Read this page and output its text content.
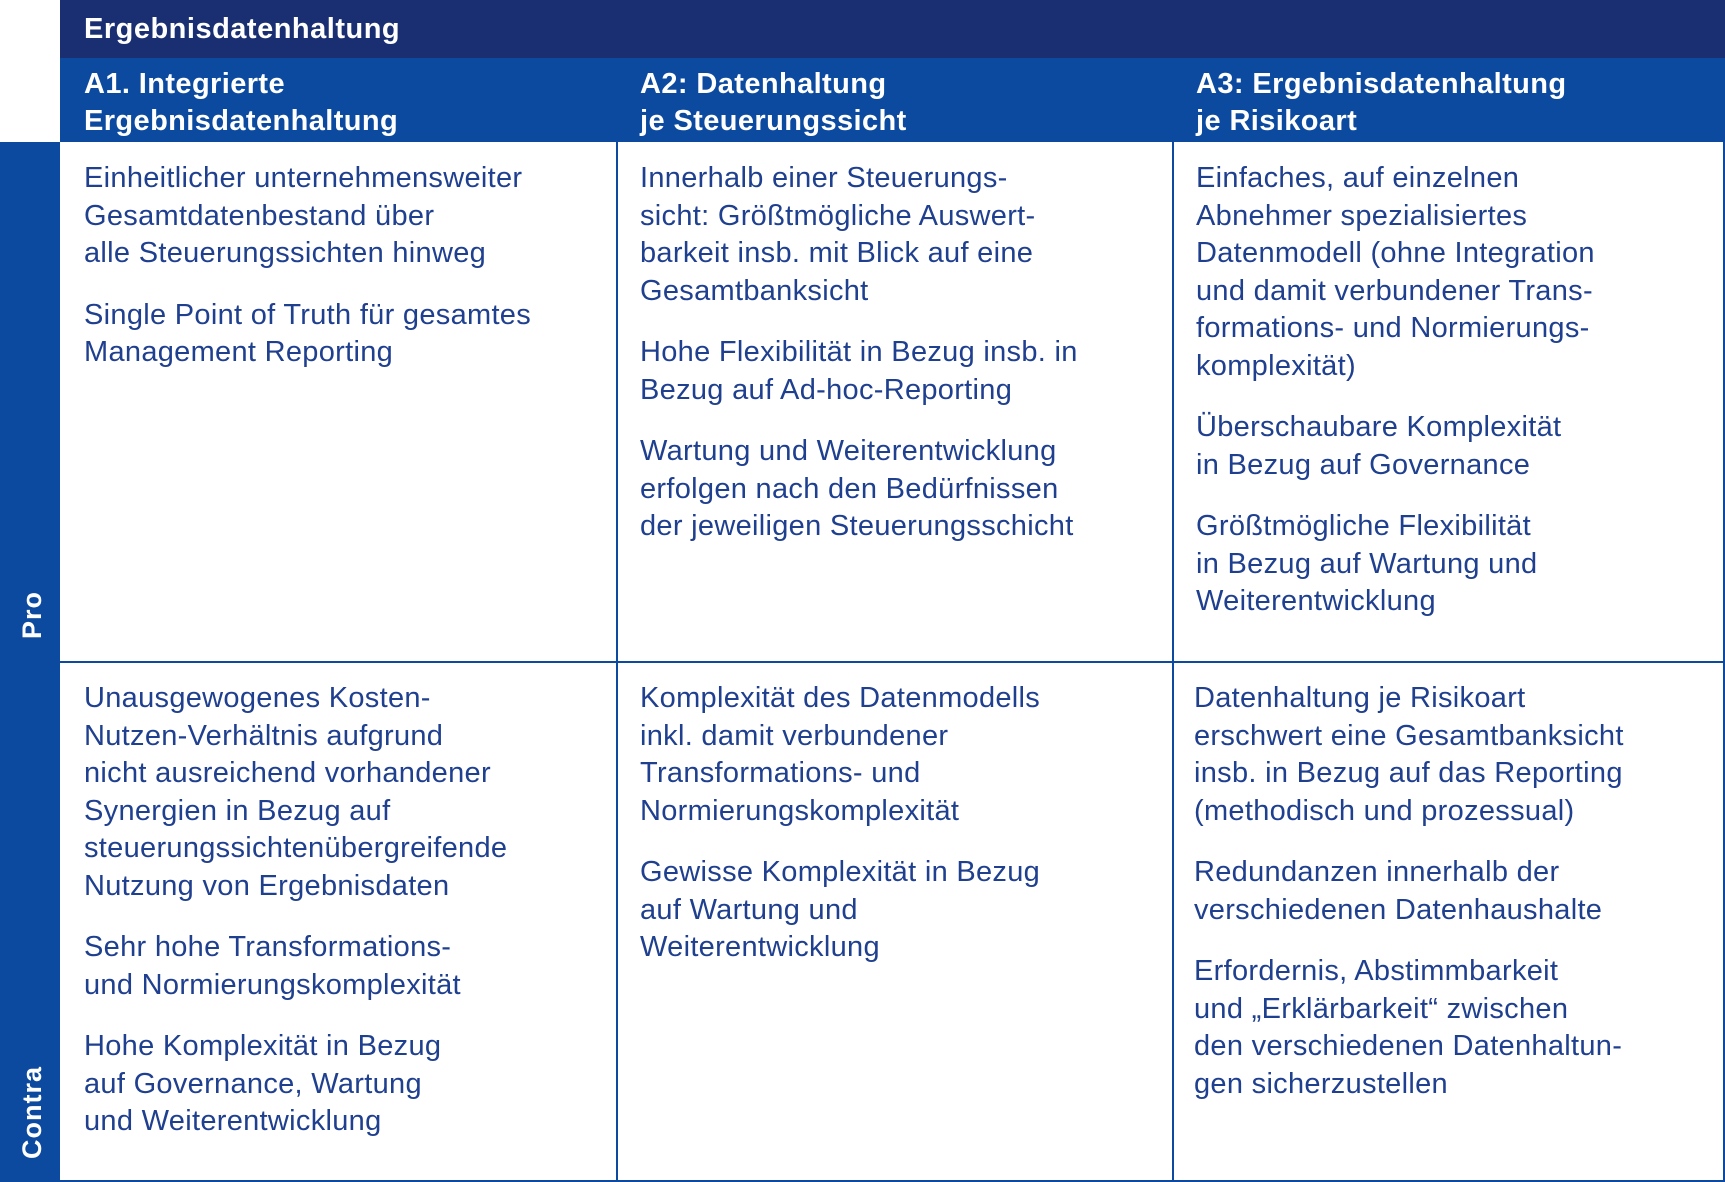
Ergebnisdatenhaltung
A1. Integrierte
Ergebnisdatenhaltung
A2: Datenhaltung
je Steuerungssicht
A3: Ergebnisdatenhaltung
je Risikoart
Pro
Contra

Einheitlicher unternehmensweiter
Gesamtdatenbestand über
alle Steuerungssichten hinweg

Single Point of Truth für gesamtes
Management Reporting

Innerhalb einer Steuerungs-
sicht: Größtmögliche Auswert-
barkeit insb. mit Blick auf eine
Gesamtbanksicht

Hohe Flexibilität in Bezug insb. in
Bezug auf Ad-hoc-Reporting

Wartung und Weiterentwicklung
erfolgen nach den Bedürfnissen
der jeweiligen Steuerungsschicht

Einfaches, auf einzelnen
Abnehmer spezialisiertes
Datenmodell (ohne Integration
und damit verbundener Trans-
formations- und Normierungs-
komplexität)

Überschaubare Komplexität
in Bezug auf Governance

Größtmögliche Flexibilität
in Bezug auf Wartung und
Weiterentwicklung

Unausgewogenes Kosten-
Nutzen-Verhältnis aufgrund
nicht ausreichend vorhandener
Synergien in Bezug auf
steuerungssichtenübergreifende
Nutzung von Ergebnisdaten

Sehr hohe Transformations-
und Normierungskomplexität

Hohe Komplexität in Bezug
auf Governance, Wartung
und Weiterentwicklung

Komplexität des Datenmodells
inkl. damit verbundener
Transformations- und
Normierungskomplexität

Gewisse Komplexität in Bezug
auf Wartung und
Weiterentwicklung

Datenhaltung je Risikoart
erschwert eine Gesamtbanksicht
insb. in Bezug auf das Reporting
(methodisch und prozessual)

Redundanzen innerhalb der
verschiedenen Datenhaushalte

Erfordernis, Abstimmbarkeit
und „Erklärbarkeit“ zwischen
den verschiedenen Datenhaltun-
gen sicherzustellen
